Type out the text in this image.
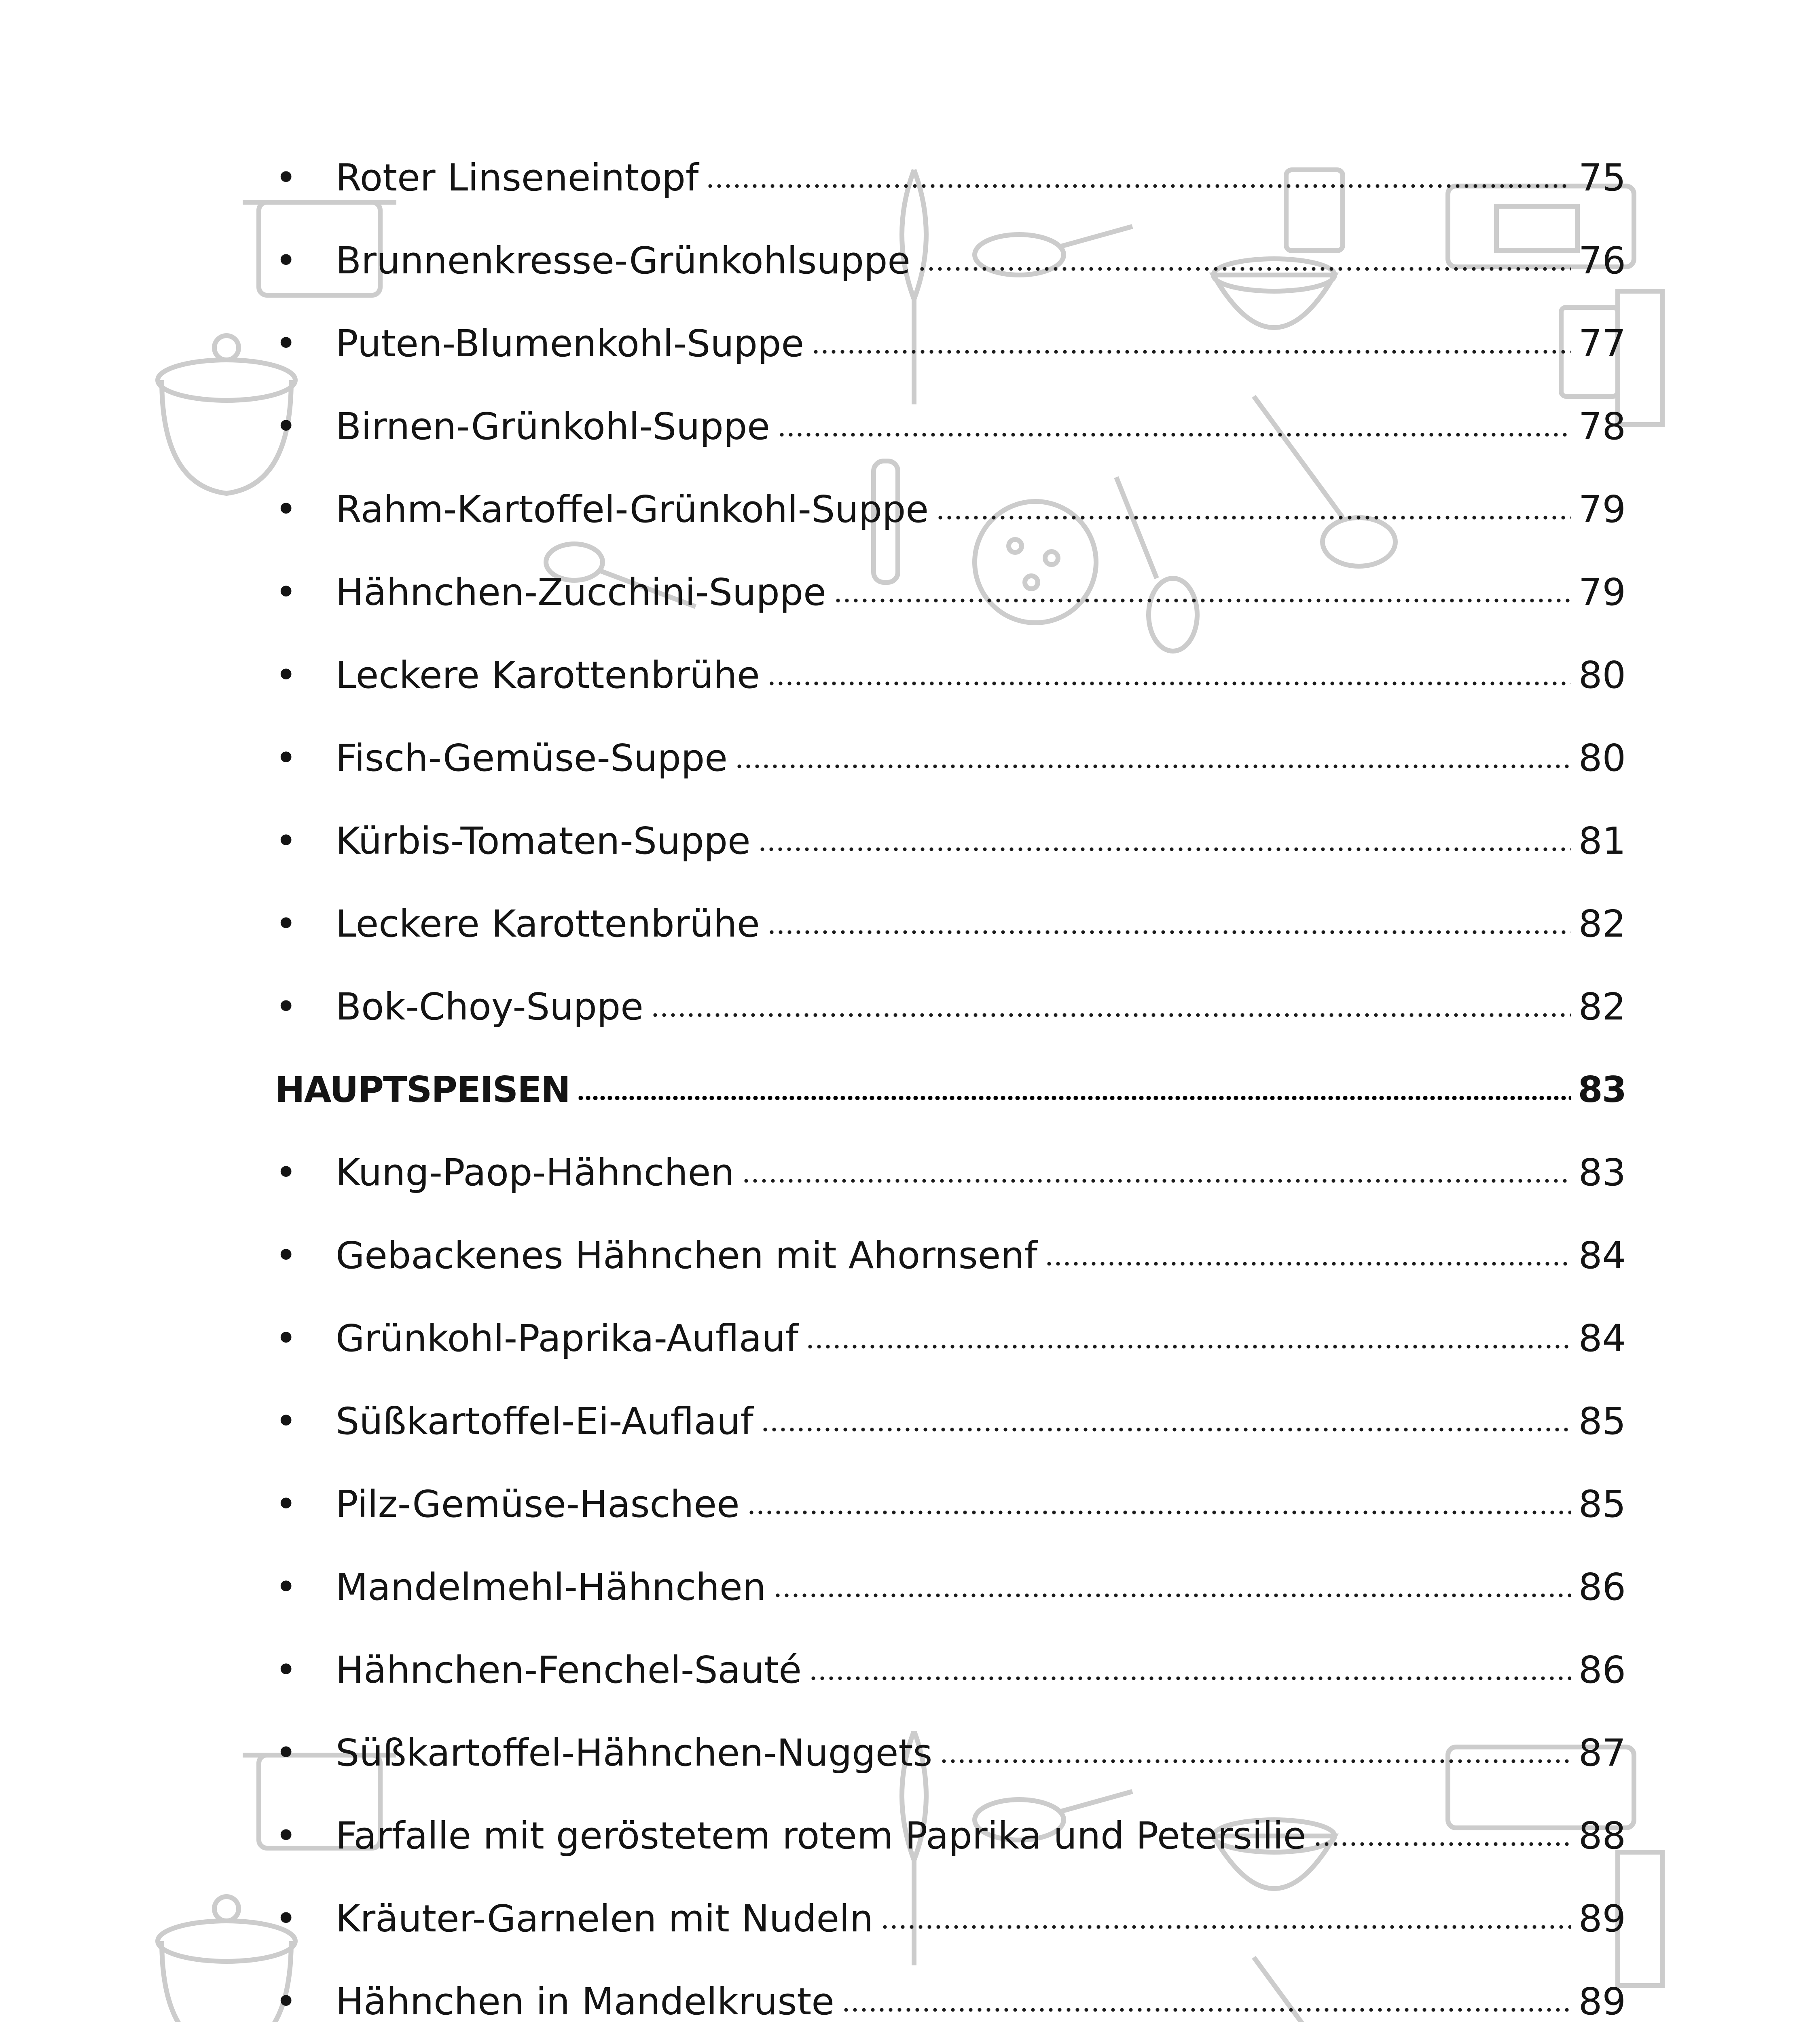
•	Roter Linseneintopf	75
•	Brunnenkresse-Grünkohlsuppe	76
•	Puten-Blumenkohl-Suppe	77
•	Birnen-Grünkohl-Suppe	78
•	Rahm-Kartoffel-Grünkohl-Suppe	79
•	Hähnchen-Zucchini-Suppe	79
•	Leckere Karottenbrühe	80
•	Fisch-Gemüse-Suppe	80
•	Kürbis-Tomaten-Suppe	81
•	Leckere Karottenbrühe	82
•	Bok-Choy-Suppe	82
HAUPTSPEISEN	83
•	Kung-Paop-Hähnchen	83
•	Gebackenes Hähnchen mit Ahornsenf	84
•	Grünkohl-Paprika-Auflauf	84
•	Süßkartoffel-Ei-Auflauf	85
•	Pilz-Gemüse-Haschee	85
•	Mandelmehl-Hähnchen	86
•	Hähnchen-Fenchel-Sauté	86
•	Süßkartoffel-Hähnchen-Nuggets	87
•	Farfalle mit geröstetem rotem Paprika und Petersilie	88
•	Kräuter-Garnelen mit Nudeln	89
•	Hähnchen in Mandelkruste	89
